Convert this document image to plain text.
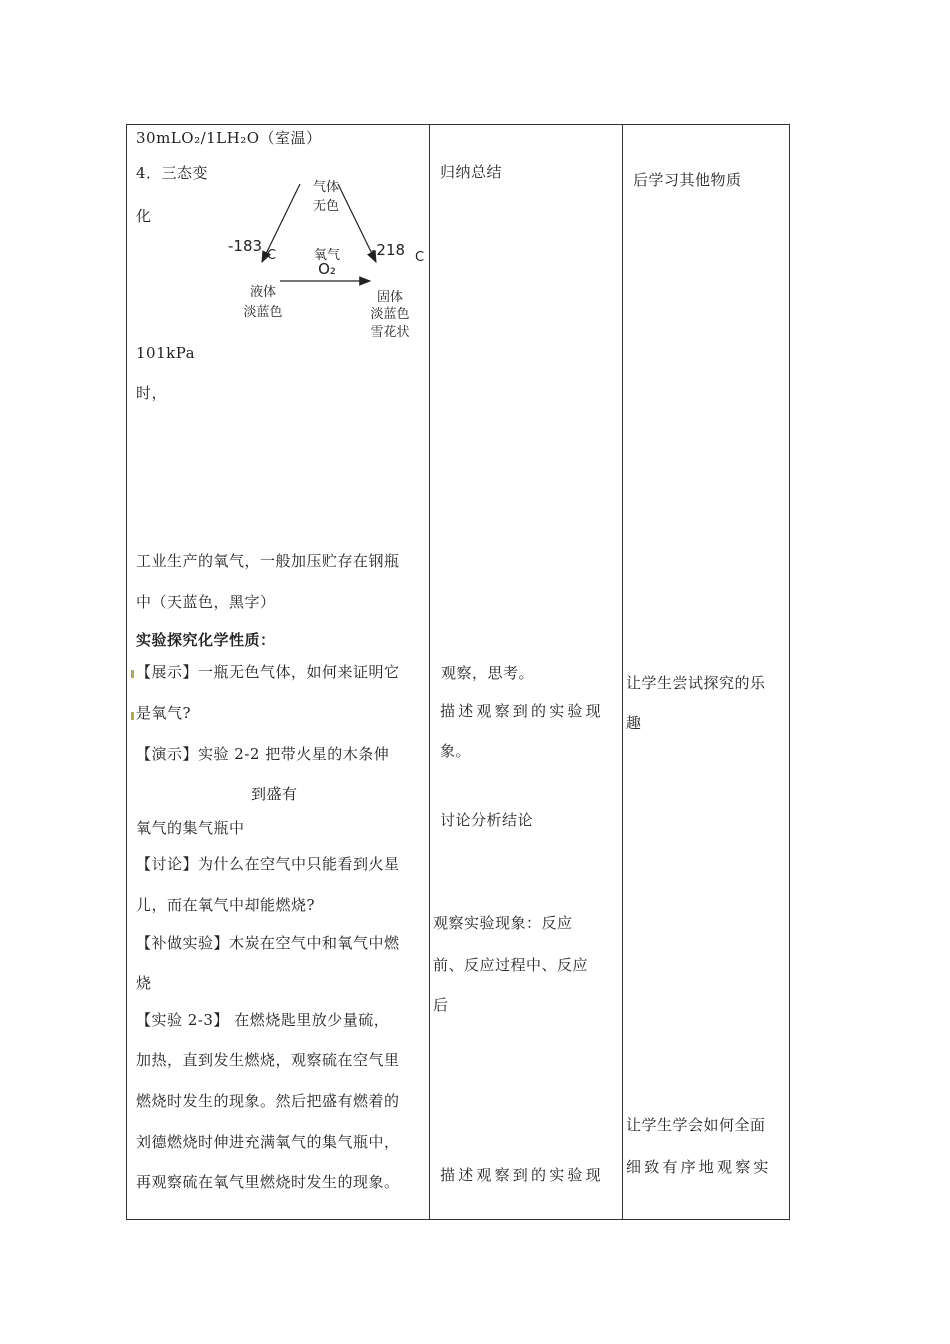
30mLO₂/1LH₂O（室温）
4．三态变
化
气体
无色
-183
C	-218 C
氧气
O₂
液体
淡蓝色
固体
淡蓝色
雪花状
101kPa
时，
工业生产的氧气，一般加压贮存在钢瓶
中（天蓝色，黑字）
实验探究化学性质：
【展示】一瓶无色气体，如何来证明它
是氧气?
【演示】实验 2-2 把带火星的木条伸
到盛有
氧气的集气瓶中
【讨论】为什么在空气中只能看到火星
儿，而在氧气中却能燃烧?
【补做实验】木炭在空气中和氧气中燃
烧
【实验 2-3】 在燃烧匙里放少量硫，
加热，直到发生燃烧，观察硫在空气里
燃烧时发生的现象。然后把盛有燃着的
刘德燃烧时伸进充满氧气的集气瓶中，
再观察硫在氧气里燃烧时发生的现象。
归纳总结
观察，思考。
描述观察到的实验现
象。
讨论分析结论
观察实验现象：反应
前、反应过程中、反应
后
描述观察到的实验现
后学习其他物质
让学生尝试探究的乐
趣
让学生学会如何全面
细致有序地观察实
